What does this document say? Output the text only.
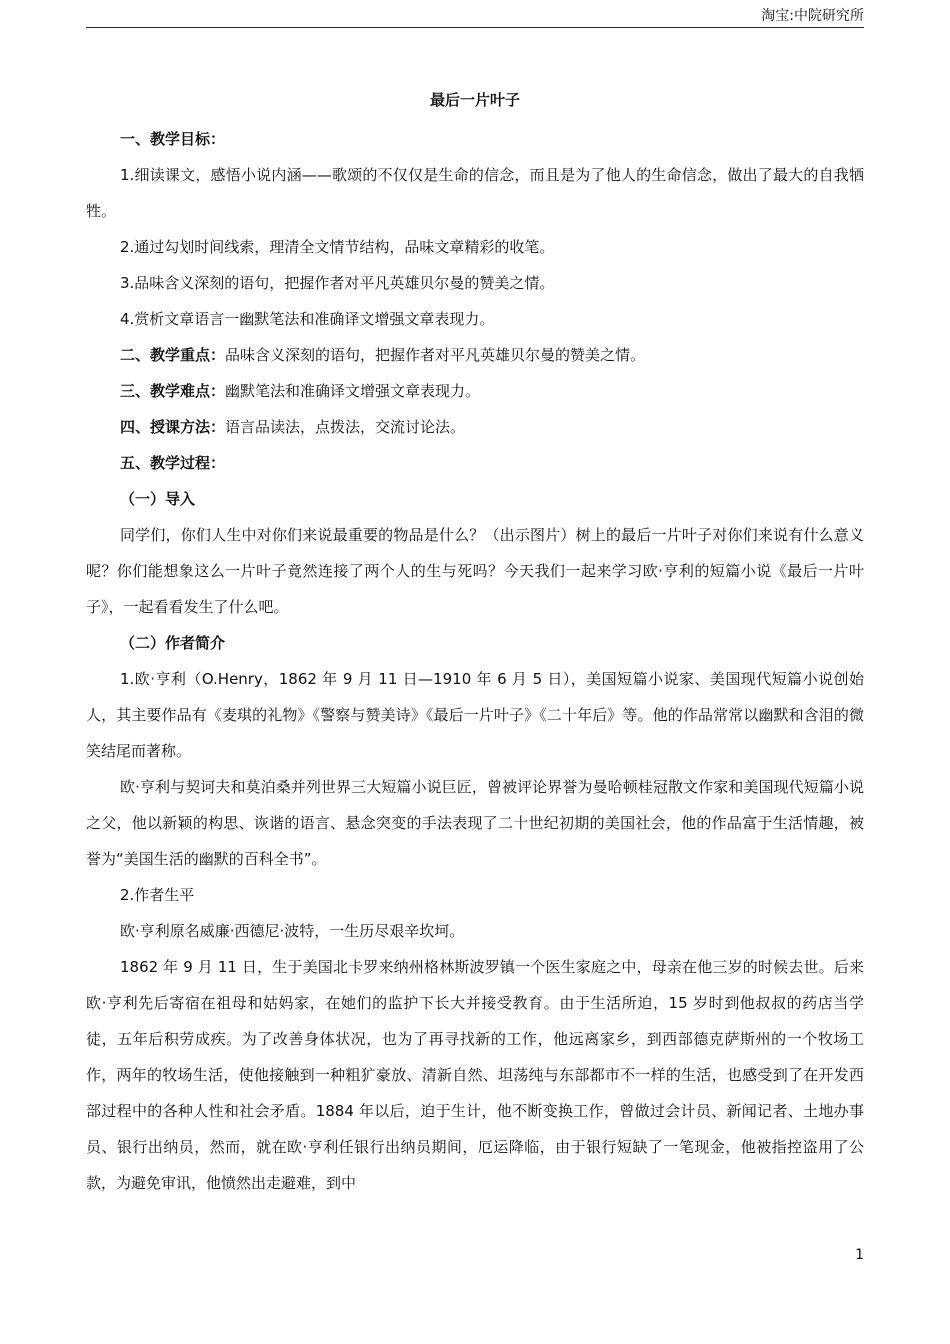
淘宝:中院研究所
最后一片叶子

一、教学目标：

1.细读课文，感悟小说内涵——歌颂的不仅仅是生命的信念，而且是为了他人的生命信念，做出了最大的自我牺牲。

2.通过勾划时间线索，理清全文情节结构，品味文章精彩的收笔。

3.品味含义深刻的语句，把握作者对平凡英雄贝尔曼的赞美之情。

4.赏析文章语言一幽默笔法和准确译文增强文章表现力。

二、教学重点：品味含义深刻的语句，把握作者对平凡英雄贝尔曼的赞美之情。

三、教学难点：幽默笔法和准确译文增强文章表现力。

四、授课方法：语言品读法，点拨法，交流讨论法。

五、教学过程：

（一）导入

同学们，你们人生中对你们来说最重要的物品是什么？（出示图片）树上的最后一片叶子对你们来说有什么意义呢？你们能想象这么一片叶子竟然连接了两个人的生与死吗？今天我们一起来学习欧·亨利的短篇小说《最后一片叶子》，一起看看发生了什么吧。

（二）作者简介

1.欧·亨利（O.Henry，1862 年 9 月 11 日—1910 年 6 月 5 日），美国短篇小说家、美国现代短篇小说创始人，其主要作品有《麦琪的礼物》《警察与赞美诗》《最后一片叶子》《二十年后》等。他的作品常常以幽默和含泪的微笑结尾而著称。

欧·亨利与契诃夫和莫泊桑并列世界三大短篇小说巨匠，曾被评论界誉为曼哈顿桂冠散文作家和美国现代短篇小说之父，他以新颖的构思、诙谐的语言、悬念突变的手法表现了二十世纪初期的美国社会，他的作品富于生活情趣，被誉为“美国生活的幽默的百科全书”。

2.作者生平

欧·亨利原名威廉·西德尼·波特，一生历尽艰辛坎坷。

1862 年 9 月 11 日，生于美国北卡罗来纳州格林斯波罗镇一个医生家庭之中，母亲在他三岁的时候去世。后来欧·亨利先后寄宿在祖母和姑妈家，在她们的监护下长大并接受教育。由于生活所迫，15 岁时到他叔叔的药店当学徒，五年后积劳成疾。为了改善身体状况，也为了再寻找新的工作，他远离家乡，到西部德克萨斯州的一个牧场工作，两年的牧场生活，使他接触到一种粗犷豪放、清新自然、坦荡纯与东部都市不一样的生活，也感受到了在开发西部过程中的各种人性和社会矛盾。1884 年以后，迫于生计，他不断变换工作，曾做过会计员、新闻记者、土地办事员、银行出纳员，然而，就在欧·亨利任银行出纳员期间，厄运降临，由于银行短缺了一笔现金，他被指控盗用了公款，为避免审讯，他愤然出走避难，到中

1
